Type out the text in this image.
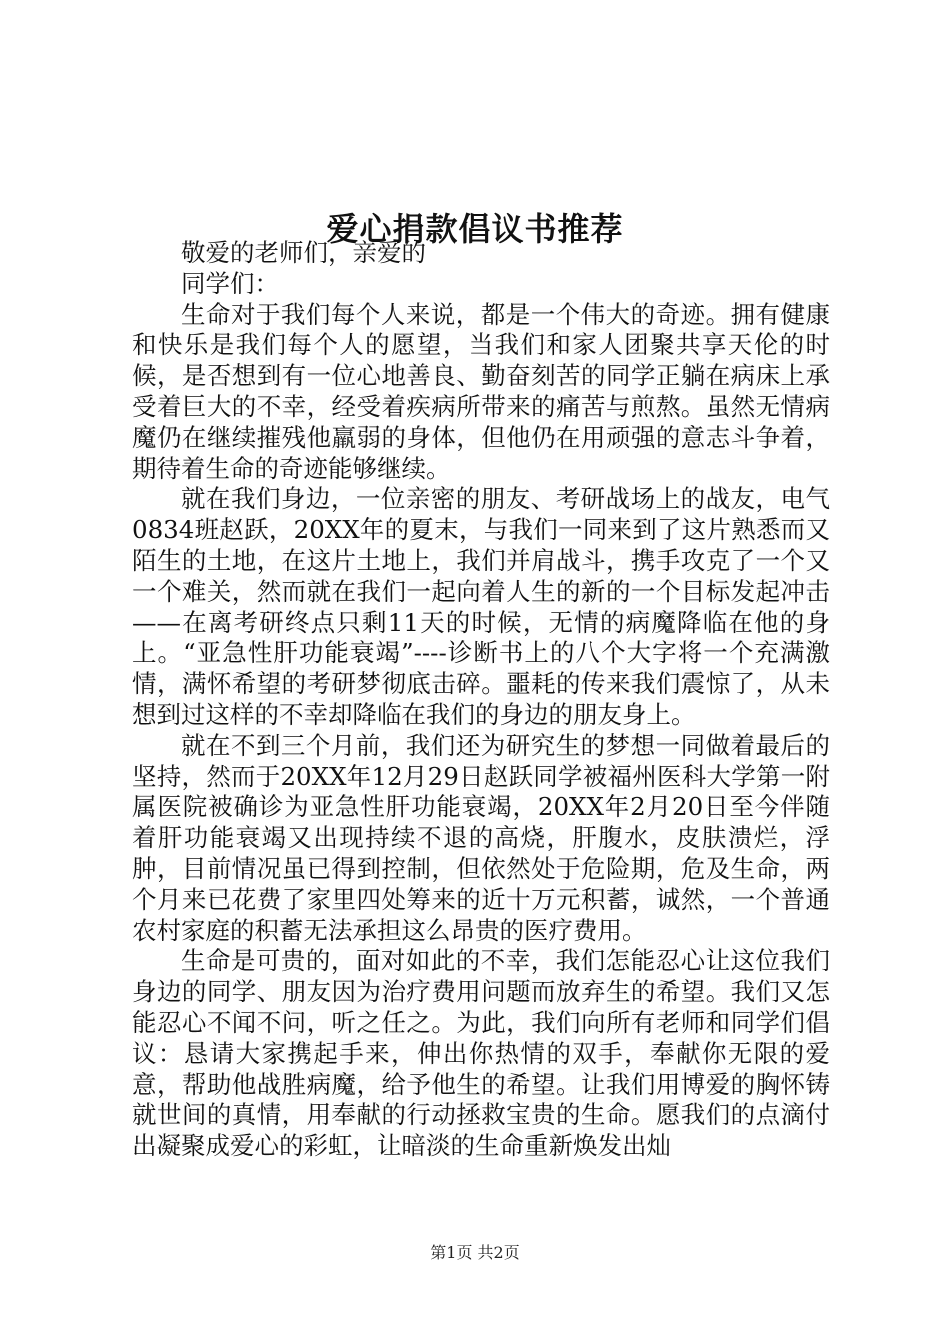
爱心捐款倡议书推荐

敬爱的老师们，亲爱的

同学们：

生命对于我们每个人来说，都是一个伟大的奇迹。拥有健康和快乐是我们每个人的愿望，当我们和家人团聚共享天伦的时候，是否想到有一位心地善良、勤奋刻苦的同学正躺在病床上承受着巨大的不幸，经受着疾病所带来的痛苦与煎熬。虽然无情病魔仍在继续摧残他羸弱的身体，但他仍在用顽强的意志斗争着，期待着生命的奇迹能够继续。

就在我们身边，一位亲密的朋友、考研战场上的战友，电气0834班赵跃，20XX年的夏末，与我们一同来到了这片熟悉而又陌生的土地，在这片土地上，我们并肩战斗，携手攻克了一个又一个难关，然而就在我们一起向着人生的新的一个目标发起冲击——在离考研终点只剩11天的时候，无情的病魔降临在他的身上。“亚急性肝功能衰竭”----诊断书上的八个大字将一个充满激情，满怀希望的考研梦彻底击碎。噩耗的传来我们震惊了，从未想到过这样的不幸却降临在我们的身边的朋友身上。

就在不到三个月前，我们还为研究生的梦想一同做着最后的坚持，然而于20XX年12月29日赵跃同学被福州医科大学第一附属医院被确诊为亚急性肝功能衰竭，20XX年2月20日至今伴随着肝功能衰竭又出现持续不退的高烧，肝腹水，皮肤溃烂，浮肿，目前情况虽已得到控制，但依然处于危险期，危及生命，两个月来已花费了家里四处筹来的近十万元积蓄，诚然，一个普通农村家庭的积蓄无法承担这么昂贵的医疗费用。

生命是可贵的，面对如此的不幸，我们怎能忍心让这位我们身边的同学、朋友因为治疗费用问题而放弃生的希望。我们又怎能忍心不闻不问，听之任之。为此，我们向所有老师和同学们倡议：恳请大家携起手来，伸出你热情的双手，奉献你无限的爱意，帮助他战胜病魔，给予他生的希望。让我们用博爱的胸怀铸就世间的真情，用奉献的行动拯救宝贵的生命。愿我们的点滴付出凝聚成爱心的彩虹，让暗淡的生命重新焕发出灿

第1页 共2页
